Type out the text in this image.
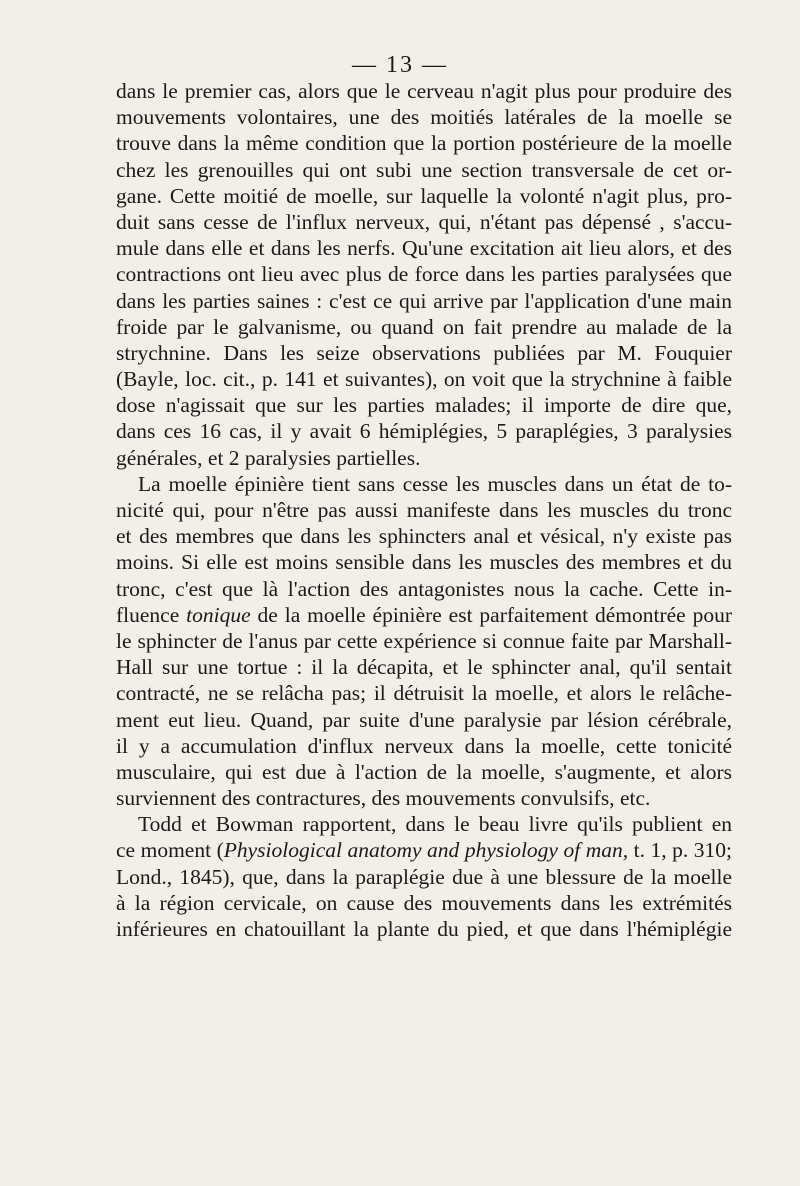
— 13 —
dans le premier cas, alors que le cerveau n'agit plus pour produire des
mouvements volontaires, une des moitiés latérales de la moelle se
trouve dans la même condition que la portion postérieure de la moelle
chez les grenouilles qui ont subi une section transversale de cet or-
gane. Cette moitié de moelle, sur laquelle la volonté n'agit plus, pro-
duit sans cesse de l'influx nerveux, qui, n'étant pas dépensé , s'accu-
mule dans elle et dans les nerfs. Qu'une excitation ait lieu alors, et des
contractions ont lieu avec plus de force dans les parties paralysées que
dans les parties saines : c'est ce qui arrive par l'application d'une main
froide par le galvanisme, ou quand on fait prendre au malade de la
strychnine. Dans les seize observations publiées par M. Fouquier
(Bayle, loc. cit., p. 141 et suivantes), on voit que la strychnine à faible
dose n'agissait que sur les parties malades; il importe de dire que,
dans ces 16 cas, il y avait 6 hémiplégies, 5 paraplégies, 3 paralysies
générales, et 2 paralysies partielles.
La moelle épinière tient sans cesse les muscles dans un état de to-
nicité qui, pour n'être pas aussi manifeste dans les muscles du tronc
et des membres que dans les sphincters anal et vésical, n'y existe pas
moins. Si elle est moins sensible dans les muscles des membres et du
tronc, c'est que là l'action des antagonistes nous la cache. Cette in-
fluence tonique de la moelle épinière est parfaitement démontrée pour
le sphincter de l'anus par cette expérience si connue faite par Marshall-
Hall sur une tortue : il la décapita, et le sphincter anal, qu'il sentait
contracté, ne se relâcha pas; il détruisit la moelle, et alors le relâche-
ment eut lieu. Quand, par suite d'une paralysie par lésion cérébrale,
il y a accumulation d'influx nerveux dans la moelle, cette tonicité
musculaire, qui est due à l'action de la moelle, s'augmente, et alors
surviennent des contractures, des mouvements convulsifs, etc.
Todd et Bowman rapportent, dans le beau livre qu'ils publient en
ce moment (Physiological anatomy and physiology of man, t. 1, p. 310;
Lond., 1845), que, dans la paraplégie due à une blessure de la moelle
à la région cervicale, on cause des mouvements dans les extrémités
inférieures en chatouillant la plante du pied, et que dans l'hémiplégie
